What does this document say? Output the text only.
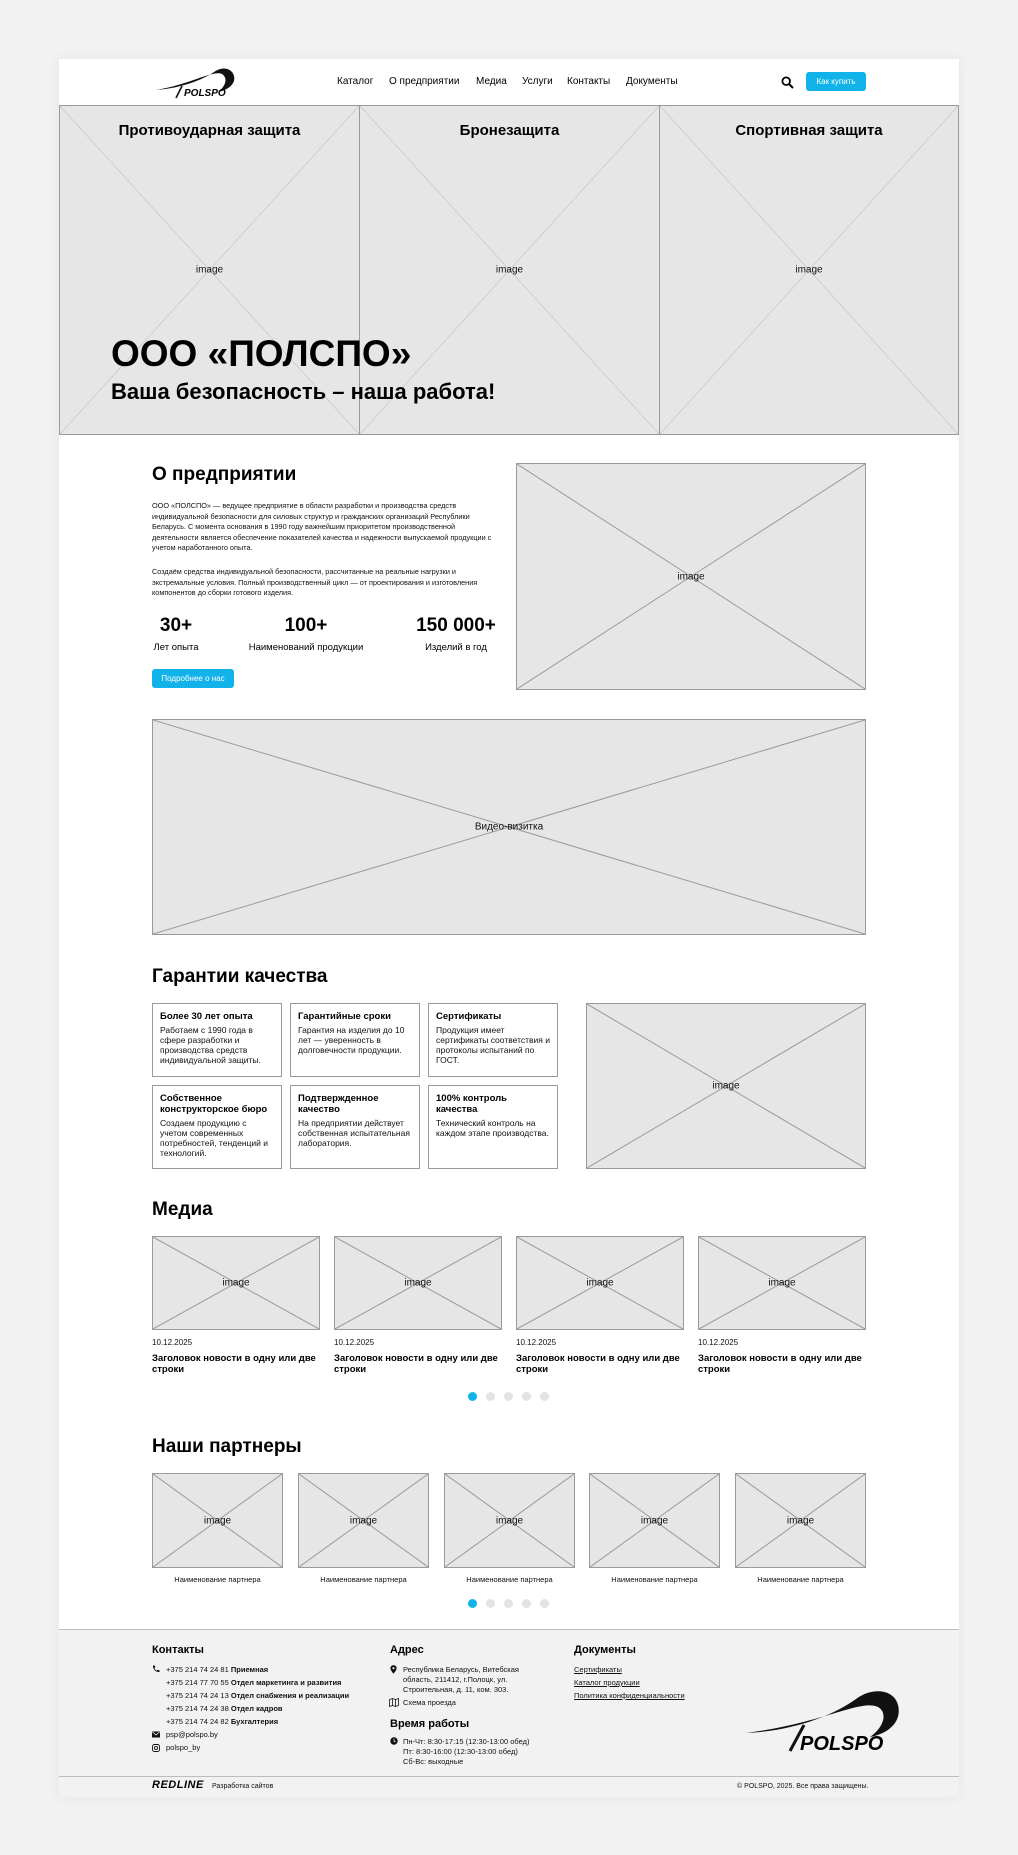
POLSPO
Каталог О предприятии Медиа Услуги Контакты Документы	Как купить
Противоударная защита
image
Бронезащита
image
Спортивная защита
image
ООО «ПОЛСПО»
Ваша безопасность – наша работа!
О предприятии
ООО «ПОЛСПО» — ведущее предприятие в области разработки и производства средств индивидуальной безопасности для силовых структур и гражданских организаций Республики Беларусь. С момента основания в 1990 году важнейшим приоритетом производственной деятельности является обеспечение показателей качества и надежности выпускаемой продукции с учетом наработанного опыта.
Создаём средства индивидуальной безопасности, рассчитанные на реальные нагрузки и экстремальные условия. Полный производственный цикл — от проектирования и изготовления компонентов до сборки готового изделия.
30+
Лет опыта
100+
Наименований продукции
150 000+
Изделий в год
Подробнее о нас
image
Видео-визитка
Гарантии качества
Более 30 лет опыта
Работаем с 1990 года в сфере разработки и производства средств индивидуальной защиты.
Гарантийные сроки
Гарантия на изделия до 10 лет — уверенность в долговечности продукции.
Сертификаты
Продукция имеет сертификаты соответствия и протоколы испытаний по ГОСТ.
Собственное конструкторское бюро
Создаем продукцию с учетом современных потребностей, тенденций и технологий.
Подтвержденное качество
На предприятии действует собственная испытательная лаборатория.
100% контроль качества
Технический контроль на каждом этапе производства.
image
Медиа
image
10.12.2025
Заголовок новости в одну или две строки
image
10.12.2025
Заголовок новости в одну или две строки
image
10.12.2025
Заголовок новости в одну или две строки
image
10.12.2025
Заголовок новости в одну или две строки
Наши партнеры
image
Наименование партнера
image
Наименование партнера
image
Наименование партнера
image
Наименование партнера
image
Наименование партнера
Контакты
+375 214 74 24 81 Приемная
+375 214 77 70 55 Отдел маркетинга и развития
+375 214 74 24 13 Отдел снабжения и реализации
+375 214 74 24 38 Отдел кадров
+375 214 74 24 82 Бухгалтерия
psp@polspo.by
polspo_by
Адрес
Республика Беларусь, Витебская
область, 211412, г.Полоцк, ул.
Строительная, д. 11, ком. 303.
Схема проезда
Время работы
Пн-Чт: 8:30-17:15 (12:30-13:00 обед)
Пт: 8:30-16:00 (12:30-13:00 обед)
Сб-Вс: выходные
Документы
Сертификаты
Каталог продукции
Политика конфиденциальности
POLSPO
REDLINE Разработка сайтов	© POLSPO, 2025. Все права защищены.
